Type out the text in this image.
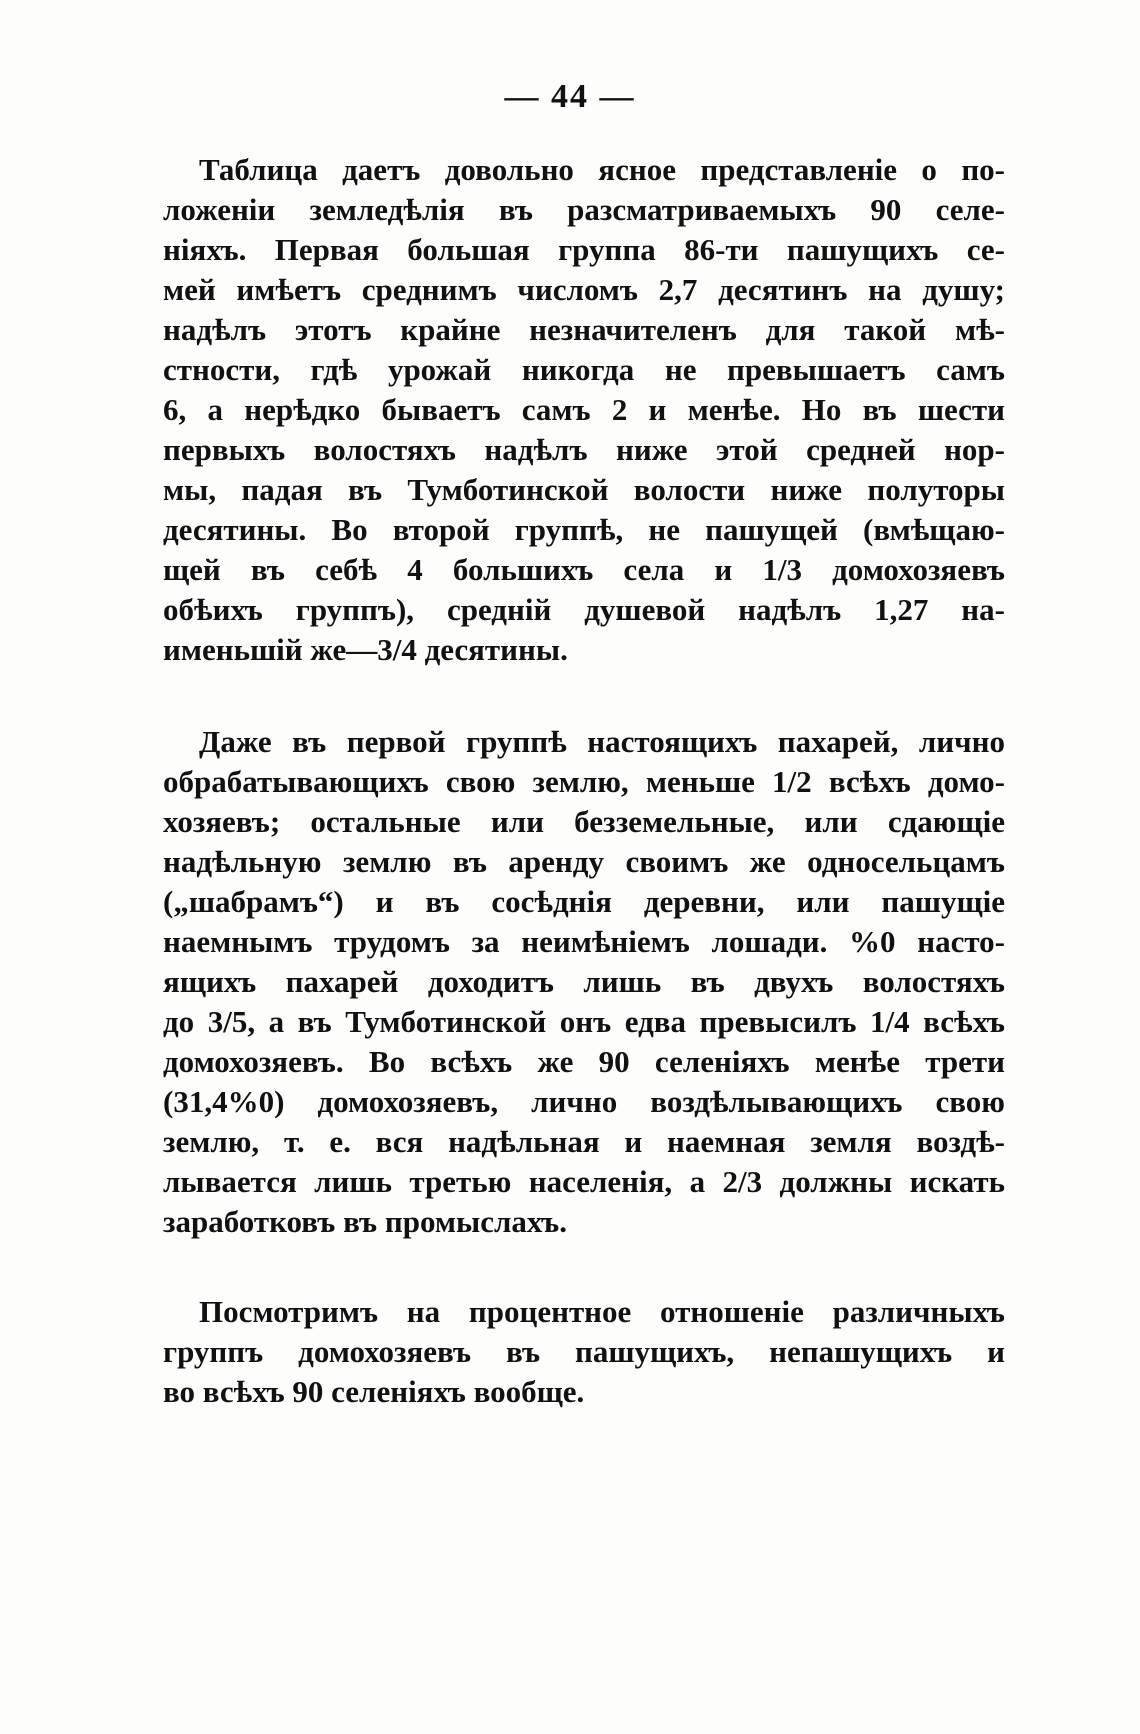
— 44 —
Таблица даетъ довольно ясное представленіе о по-
ложеніи земледѣлія въ разсматриваемыхъ 90 селе-
ніяхъ. Первая большая группа 86-ти пашущихъ се-
мей имѣетъ среднимъ числомъ 2,7 десятинъ на душу;
надѣлъ этотъ крайне незначителенъ для такой мѣ-
стности, гдѣ урожай никогда не превышаетъ самъ
6, а нерѣдко бываетъ самъ 2 и менѣе. Но въ шести
первыхъ волостяхъ надѣлъ ниже этой средней нор-
мы, падая въ Тумботинской волости ниже полуторы
десятины. Во второй группѣ, не пашущей (вмѣщаю-
щей въ себѣ 4 большихъ села и 1/3 домохозяевъ
обѣихъ группъ), средній душевой надѣлъ 1,27 на-
именьшій же—3/4 десятины.
Даже въ первой группѣ настоящихъ пахарей, лично
обрабатывающихъ свою землю, меньше 1/2 всѣхъ домо-
хозяевъ; остальные или безземельные, или сдающіе
надѣльную землю въ аренду своимъ же односельцамъ
(„шабрамъ“) и въ сосѣднія деревни, или пашущіе
наемнымъ трудомъ за неимѣніемъ лошади. %0 насто-
ящихъ пахарей доходитъ лишь въ двухъ волостяхъ
до 3/5, а въ Тумботинской онъ едва превысилъ 1/4 всѣхъ
домохозяевъ. Во всѣхъ же 90 селеніяхъ менѣе трети
(31,4%0) домохозяевъ, лично воздѣлывающихъ свою
землю, т. е. вся надѣльная и наемная земля воздѣ-
лывается лишь третью населенія, а 2/3 должны искать
заработковъ въ промыслахъ.
Посмотримъ на процентное отношеніе различныхъ
группъ домохозяевъ въ пашущихъ, непашущихъ и
во всѣхъ 90 селеніяхъ вообще.
